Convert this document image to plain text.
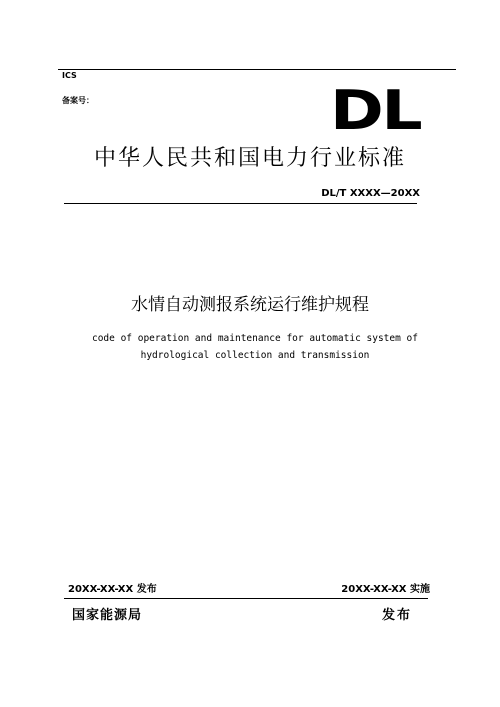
ICS
备案号：	DL
中华人民共和国电力行业标准
DL/T XXXX—20XX
水情自动测报系统运行维护规程
code of operation and maintenance for automatic system of hydrological collection and transmission
20XX-XX-XX 发布	20XX-XX-XX 实施
国家能源局	发布
